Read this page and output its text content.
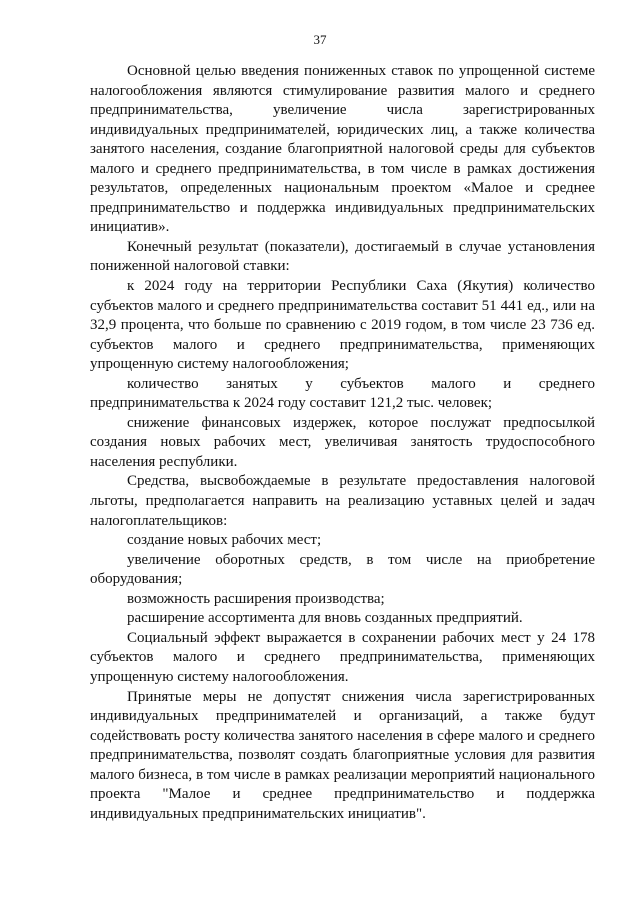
37

Основной целью введения пониженных ставок по упрощенной системе налогообложения являются стимулирование развития малого и среднего предпринимательства, увеличение числа зарегистрированных индивидуальных предпринимателей, юридических лиц, а также количества занятого населения, создание благоприятной налоговой среды для субъектов малого и среднего предпринимательства, в том числе в рамках достижения результатов, определенных национальным проектом «Малое и среднее предпринимательство и поддержка индивидуальных предпринимательских инициатив».

Конечный результат (показатели), достигаемый в случае установления пониженной налоговой ставки:

к 2024 году на территории Республики Саха (Якутия) количество субъектов малого и среднего предпринимательства составит 51 441 ед., или на 32,9 процента, что больше по сравнению с 2019 годом, в том числе 23 736 ед. субъектов малого и среднего предпринимательства, применяющих упрощенную систему налогообложения;

количество занятых у субъектов малого и среднего предпринимательства к 2024 году составит 121,2 тыс. человек;

снижение финансовых издержек, которое послужат предпосылкой создания новых рабочих мест, увеличивая занятость трудоспособного населения республики.

Средства, высвобождаемые в результате предоставления налоговой льготы, предполагается направить на реализацию уставных целей и задач налогоплательщиков:

создание новых рабочих мест;

увеличение оборотных средств, в том числе на приобретение оборудования;

возможность расширения производства;

расширение ассортимента для вновь созданных предприятий.

Социальный эффект выражается в сохранении рабочих мест у 24 178 субъектов малого и среднего предпринимательства, применяющих упрощенную систему налогообложения.

Принятые меры не допустят снижения числа зарегистрированных индивидуальных предпринимателей и организаций, а также будут содействовать росту количества занятого населения в сфере малого и среднего предпринимательства, позволят создать благоприятные условия для развития малого бизнеса, в том числе в рамках реализации мероприятий национального проекта "Малое и среднее предпринимательство и поддержка индивидуальных предпринимательских инициатив".
